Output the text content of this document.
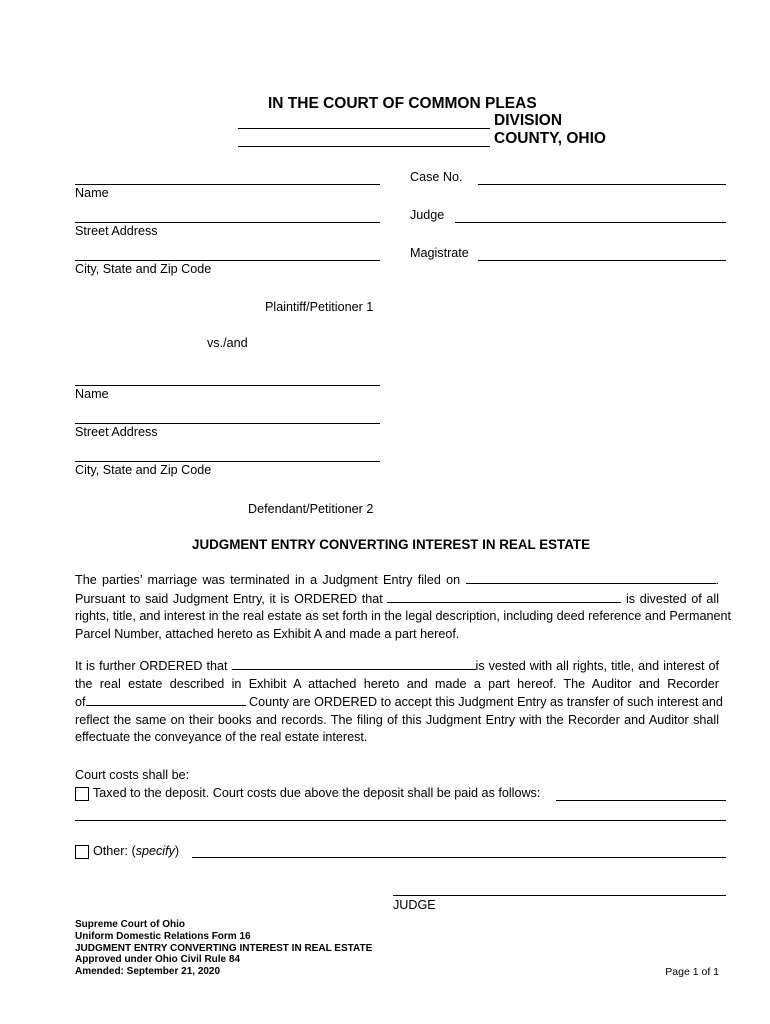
IN THE COURT OF COMMON PLEAS
DIVISION
COUNTY, OHIO
Case No.
Judge
Magistrate
Name
Street Address
City, State and Zip Code
Plaintiff/Petitioner 1
vs./and
Name
Street Address
City, State and Zip Code
Defendant/Petitioner 2
JUDGMENT ENTRY CONVERTING INTEREST IN REAL ESTATE
The parties’ marriage was terminated in a Judgment Entry filed on	.
Pursuant to said Judgment Entry, it is ORDERED that	is divested of all
rights, title, and interest in the real estate as set forth in the legal description, including deed reference and Permanent
Parcel Number, attached hereto as Exhibit A and made a part hereof.
It is further ORDERED that	is vested with all rights, title, and interest of
the real estate described in Exhibit A attached hereto and made a part hereof. The Auditor and Recorder
of	County are ORDERED to accept this Judgment Entry as transfer of such interest and
reflect the same on their books and records. The filing of this Judgment Entry with the Recorder and Auditor shall
effectuate the conveyance of the real estate interest.
Court costs shall be:
Taxed to the deposit. Court costs due above the deposit shall be paid as follows:
Other: (specify)
JUDGE
Supreme Court of Ohio
Uniform Domestic Relations Form 16
JUDGMENT ENTRY CONVERTING INTEREST IN REAL ESTATE
Approved under Ohio Civil Rule 84
Amended: September 21, 2020	Page 1 of 1
